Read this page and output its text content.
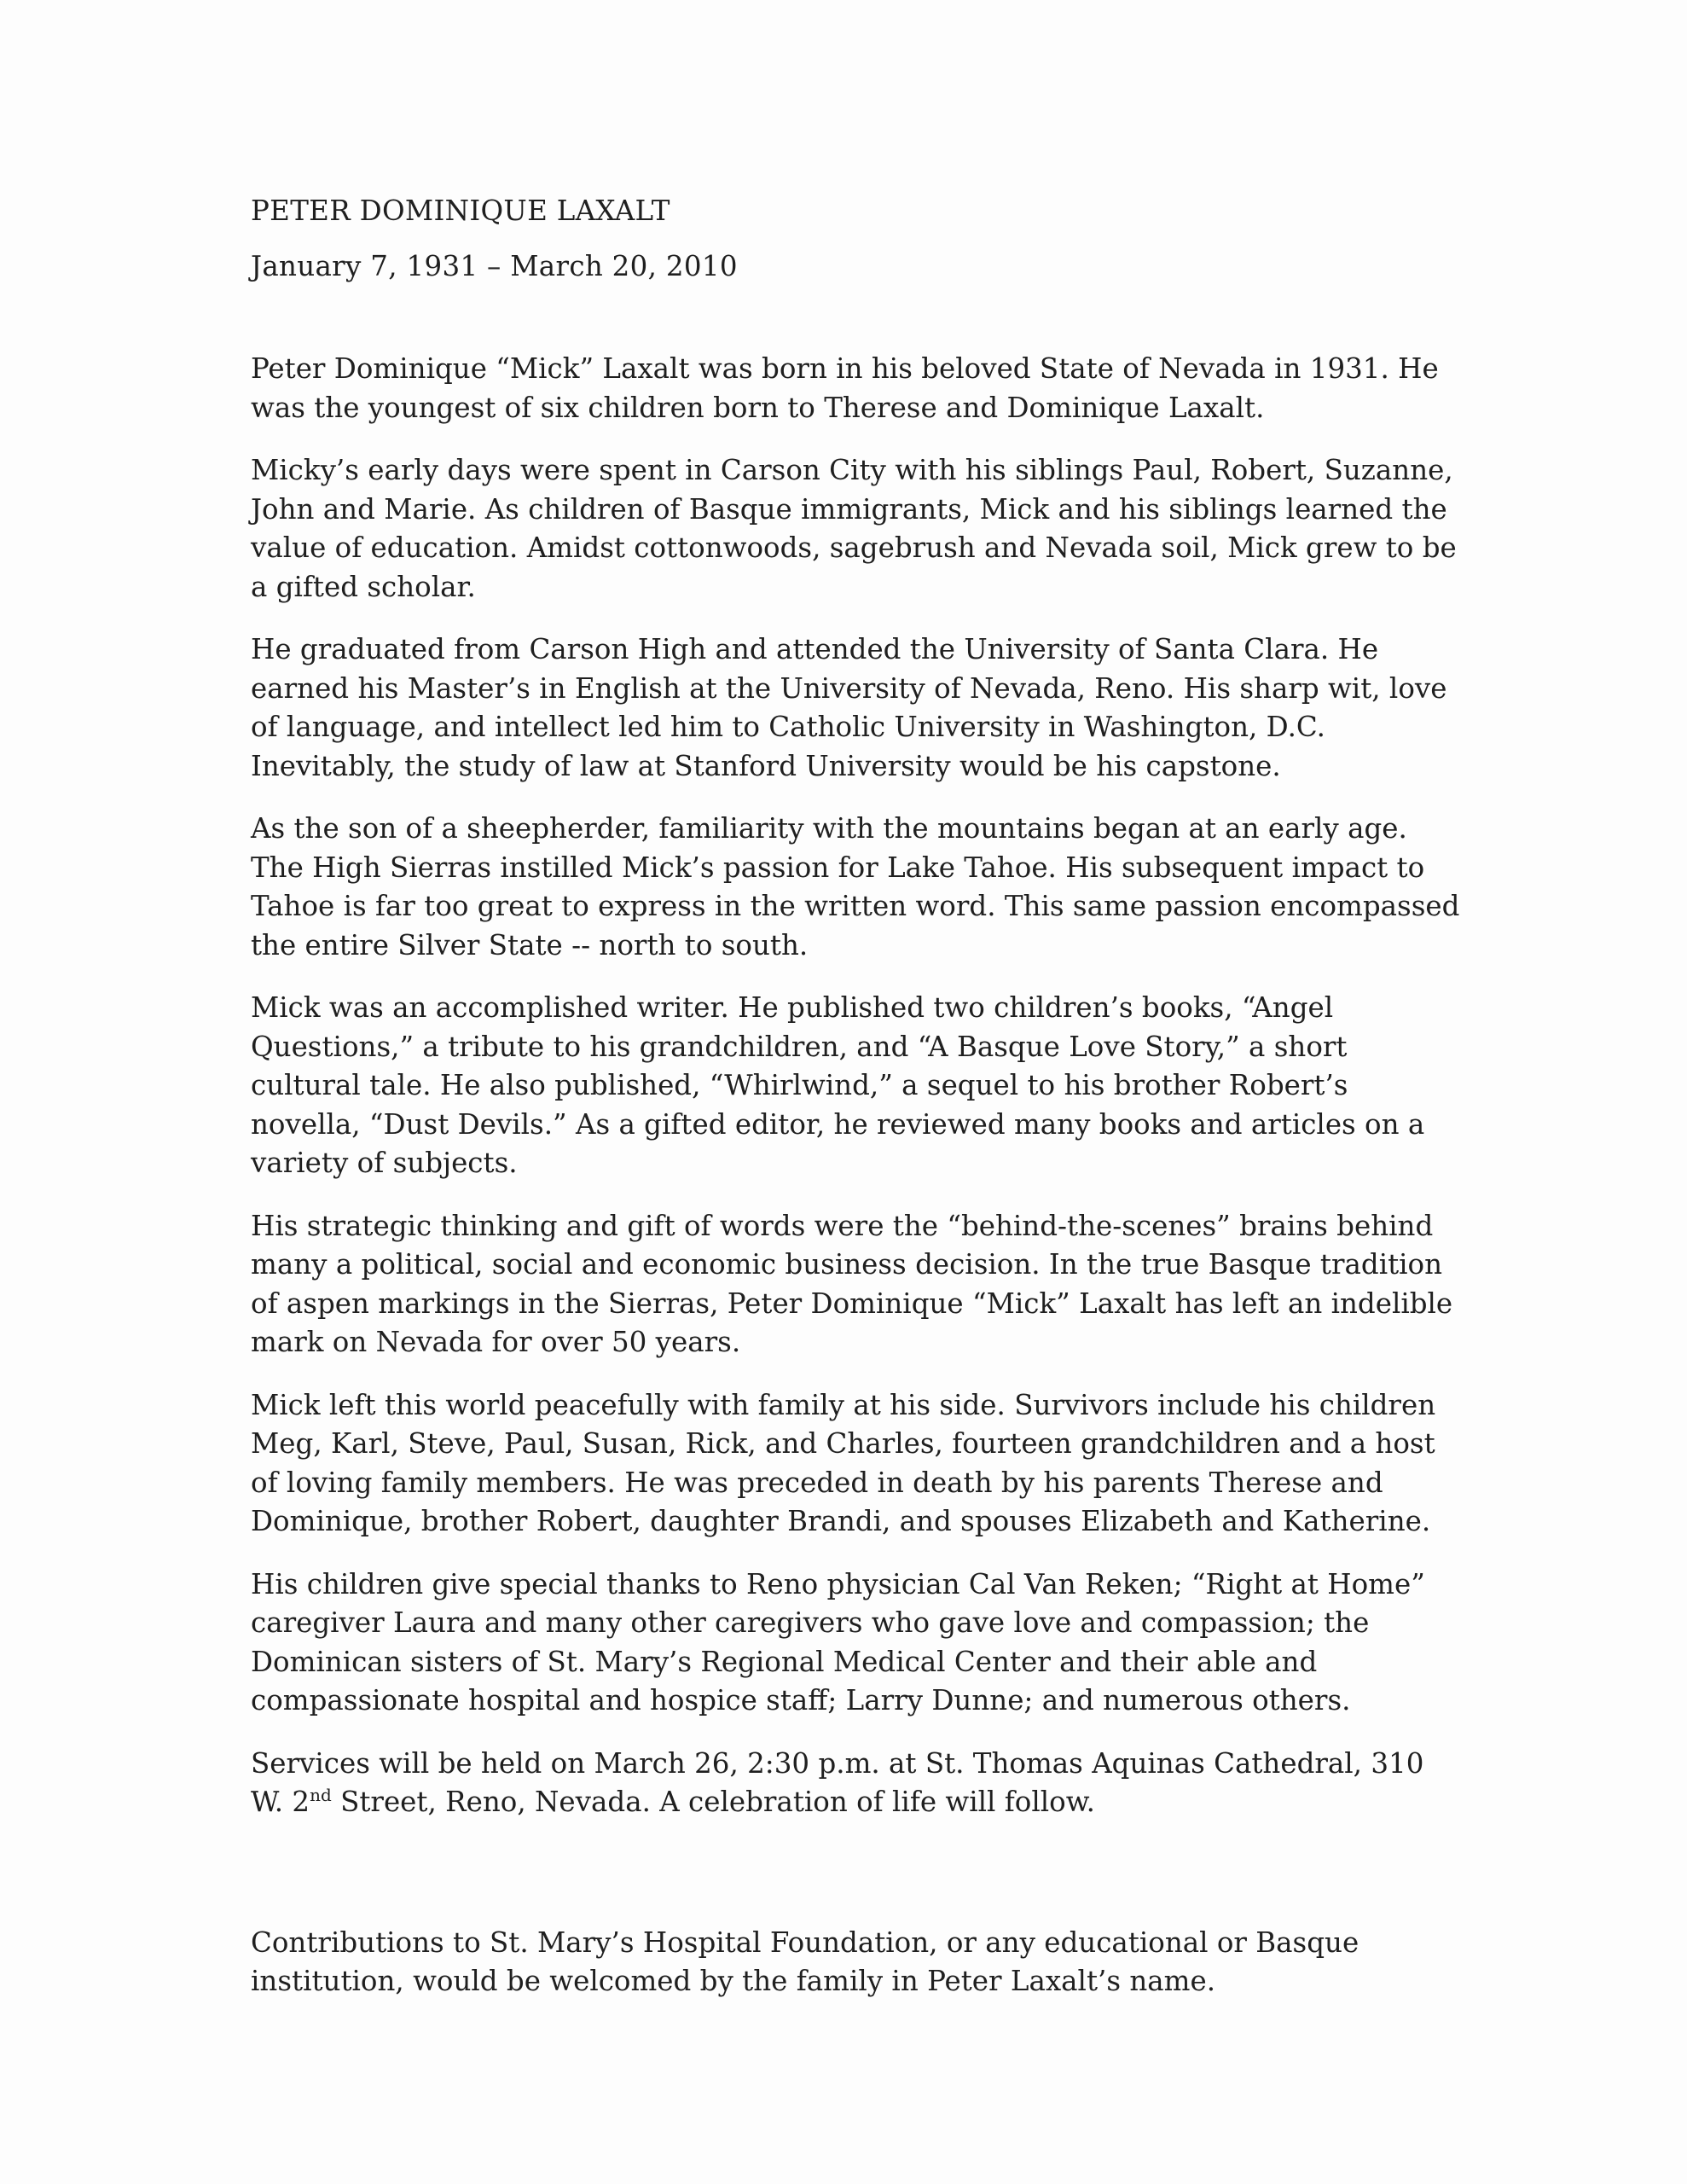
PETER DOMINIQUE LAXALT

January 7, 1931 – March 20, 2010

Peter Dominique “Mick” Laxalt was born in his beloved State of Nevada in 1931. He was the youngest of six children born to Therese and Dominique Laxalt.

Micky’s early days were spent in Carson City with his siblings Paul, Robert, Suzanne, John and Marie. As children of Basque immigrants, Mick and his siblings learned the value of education. Amidst cottonwoods, sagebrush and Nevada soil, Mick grew to be a gifted scholar.

He graduated from Carson High and attended the University of Santa Clara. He earned his Master’s in English at the University of Nevada, Reno. His sharp wit, love of language, and intellect led him to Catholic University in Washington, D.C. Inevitably, the study of law at Stanford University would be his capstone.

As the son of a sheepherder, familiarity with the mountains began at an early age. The High Sierras instilled Mick’s passion for Lake Tahoe. His subsequent impact to Tahoe is far too great to express in the written word. This same passion encompassed the entire Silver State -- north to south.

Mick was an accomplished writer. He published two children’s books, “Angel Questions,” a tribute to his grandchildren, and “A Basque Love Story,” a short cultural tale. He also published, “Whirlwind,” a sequel to his brother Robert’s novella, “Dust Devils.” As a gifted editor, he reviewed many books and articles on a variety of subjects.

His strategic thinking and gift of words were the “behind-the-scenes” brains behind many a political, social and economic business decision. In the true Basque tradition of aspen markings in the Sierras, Peter Dominique “Mick” Laxalt has left an indelible mark on Nevada for over 50 years.

Mick left this world peacefully with family at his side. Survivors include his children Meg, Karl, Steve, Paul, Susan, Rick, and Charles, fourteen grandchildren and a host of loving family members. He was preceded in death by his parents Therese and Dominique, brother Robert, daughter Brandi, and spouses Elizabeth and Katherine.

His children give special thanks to Reno physician Cal Van Reken; “Right at Home” caregiver Laura and many other caregivers who gave love and compassion; the Dominican sisters of St. Mary’s Regional Medical Center and their able and compassionate hospital and hospice staff; Larry Dunne; and numerous others.

Services will be held on March 26, 2:30 p.m. at St. Thomas Aquinas Cathedral, 310 W. 2nd Street, Reno, Nevada. A celebration of life will follow.

Contributions to St. Mary’s Hospital Foundation, or any educational or Basque institution, would be welcomed by the family in Peter Laxalt’s name.
